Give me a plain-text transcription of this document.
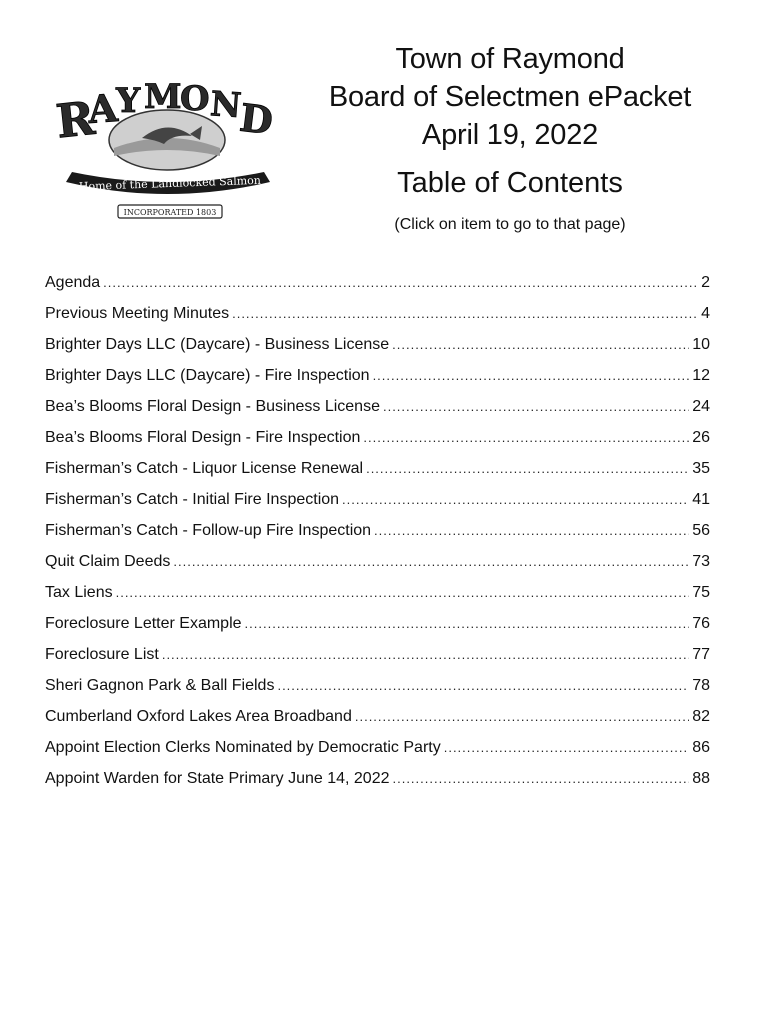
R
A
Y M
O N
D
Home of the Landlocked Salmon
INCORPORATED 1803
Town of Raymond
Board of Selectmen ePacket
April 19, 2022
Table of Contents
(Click on item to go to that page)
Agenda .....	2
Previous Meeting Minutes .....	4
Brighter Days LLC (Daycare) - Business License .....	10
Brighter Days LLC (Daycare) - Fire Inspection .....	12
Bea’s Blooms Floral Design - Business License .....	24
Bea’s Blooms Floral Design - Fire Inspection .....	26
Fisherman’s Catch - Liquor License Renewal .....	35
Fisherman’s Catch - Initial Fire Inspection .....	41
Fisherman’s Catch - Follow-up Fire Inspection .....	56
Quit Claim Deeds .....	73
Tax Liens .....	75
Foreclosure Letter Example .....	76
Foreclosure List .....	77
Sheri Gagnon Park & Ball Fields .....	78
Cumberland Oxford Lakes Area Broadband .....	82
Appoint Election Clerks Nominated by Democratic Party .....	86
Appoint Warden for State Primary June 14, 2022 .....	88
